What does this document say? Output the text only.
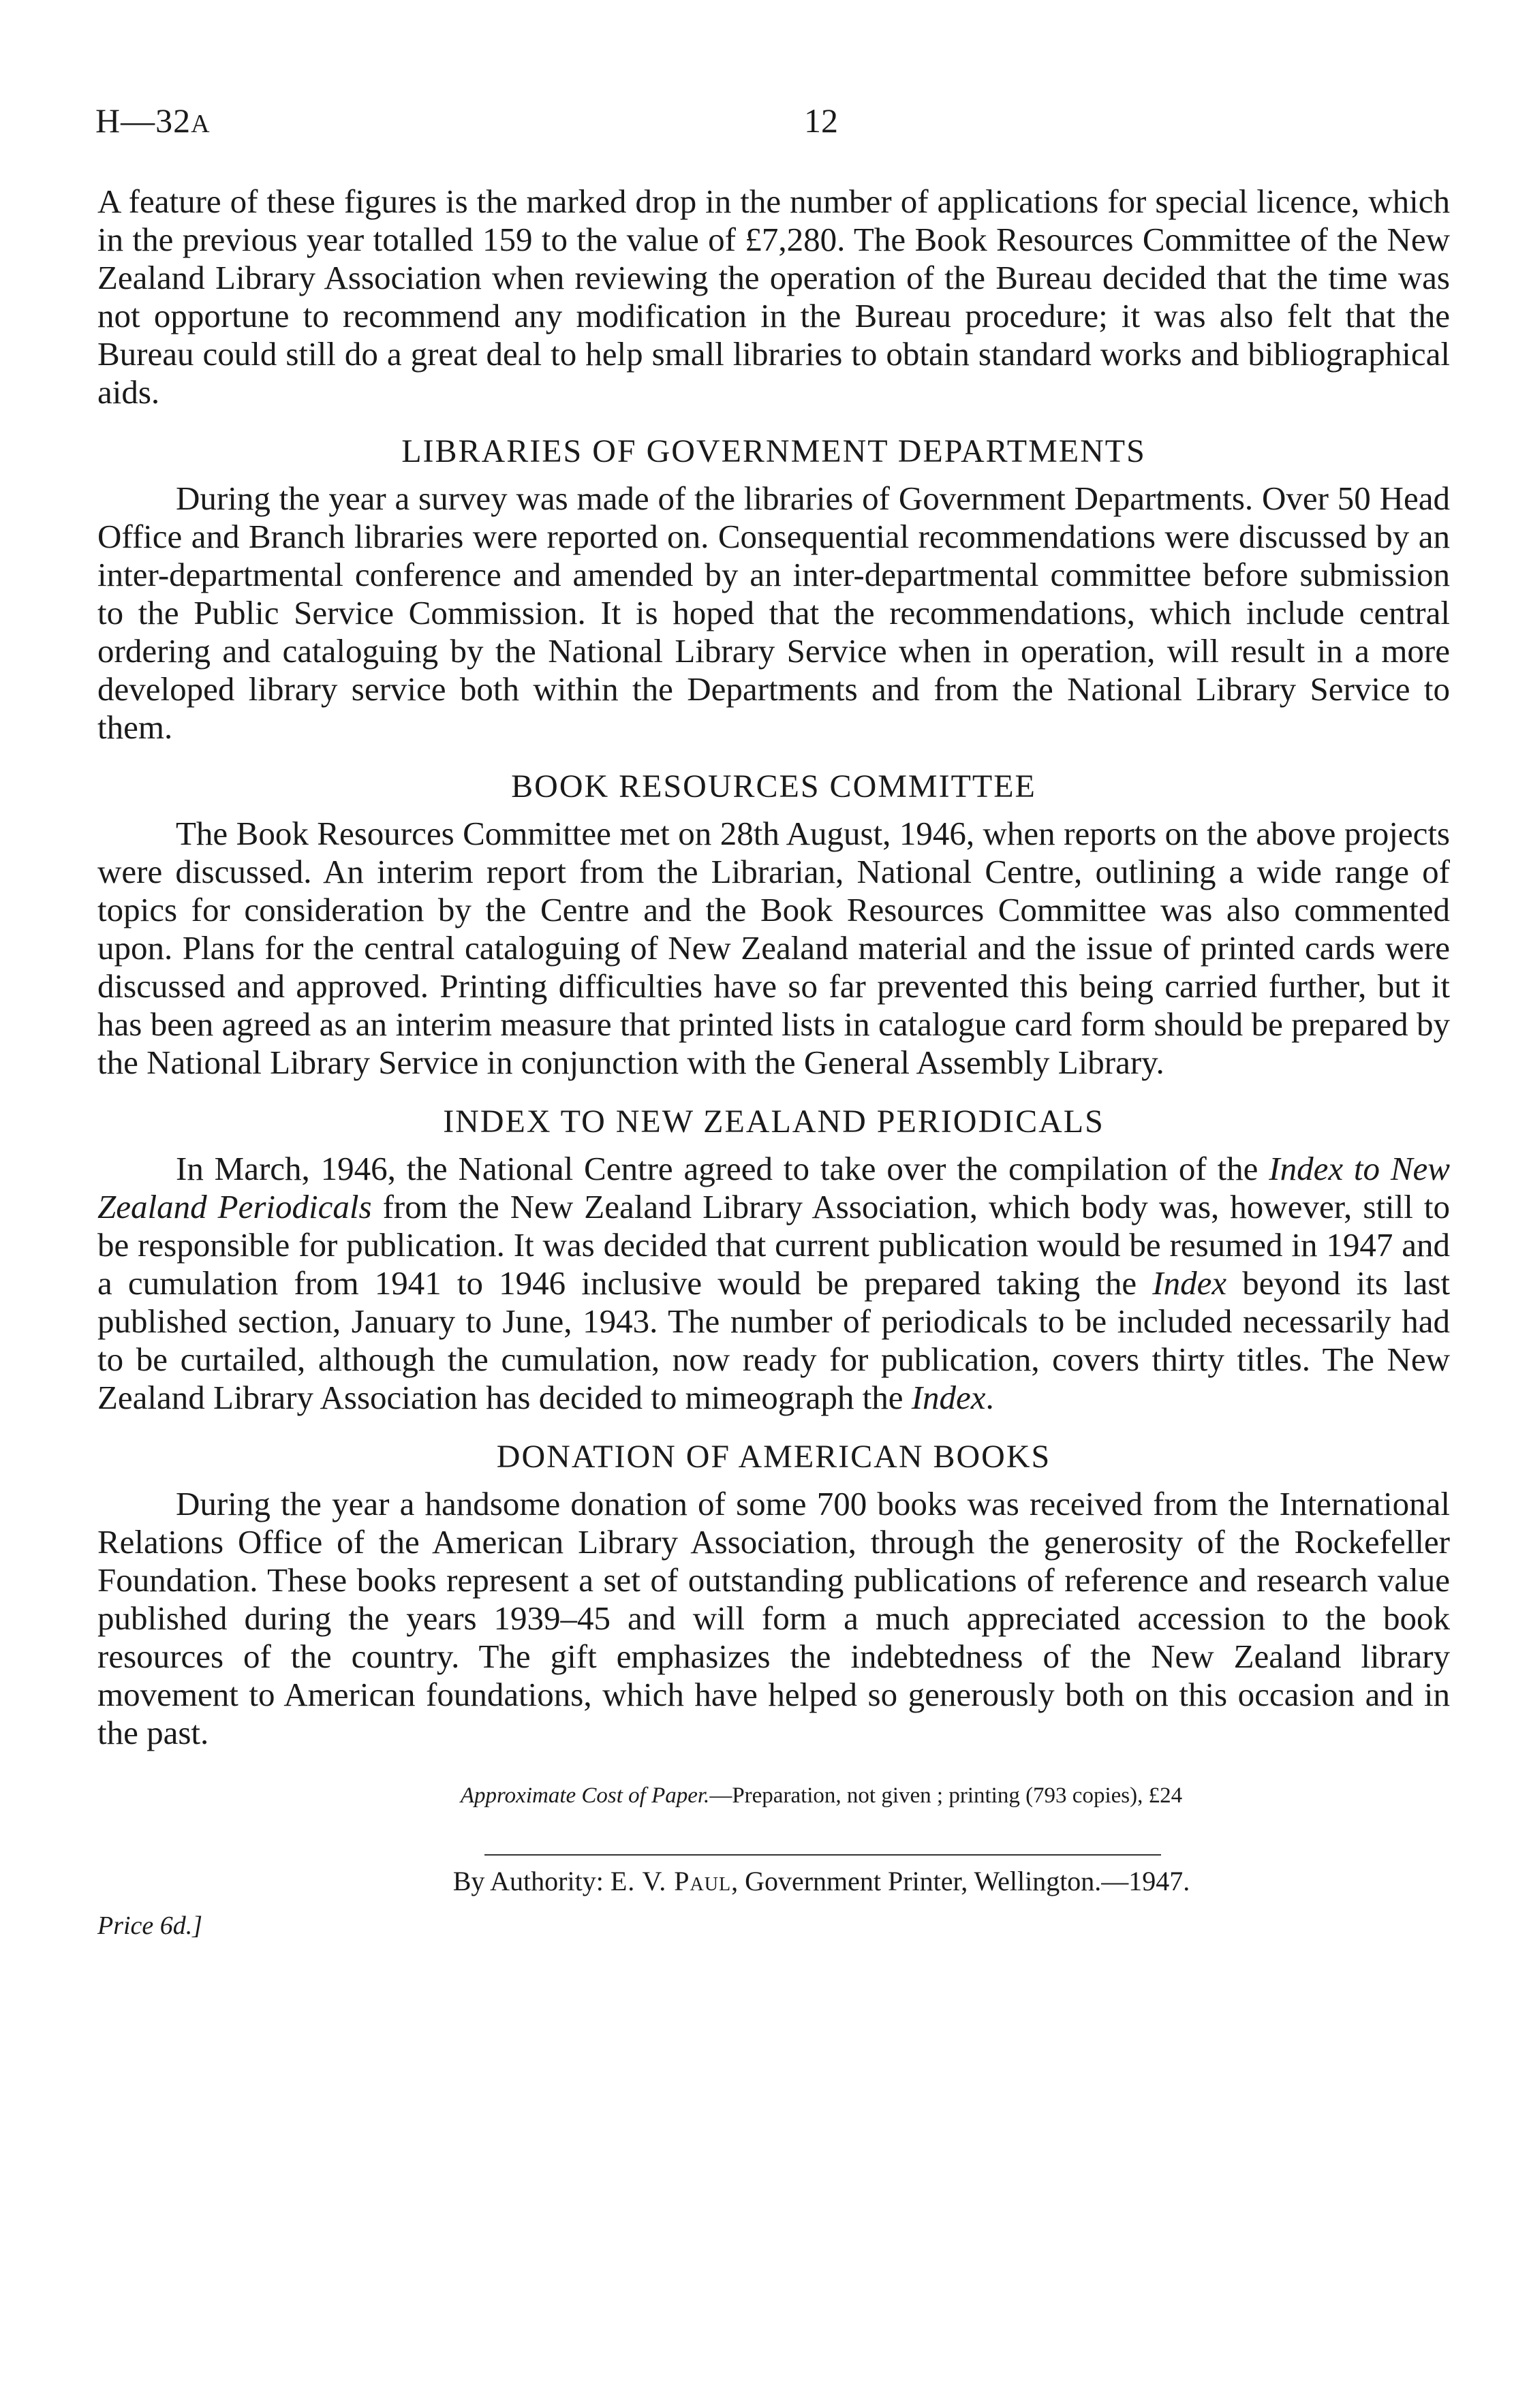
H—32A	12

A feature of these figures is the marked drop in the number of applications for special licence, which in the previous year totalled 159 to the value of £7,280. The Book Resources Committee of the New Zealand Library Association when reviewing the operation of the Bureau decided that the time was not opportune to recommend any modification in the Bureau procedure; it was also felt that the Bureau could still do a great deal to help small libraries to obtain standard works and bibliographical aids.

LIBRARIES OF GOVERNMENT DEPARTMENTS

During the year a survey was made of the libraries of Government Departments. Over 50 Head Office and Branch libraries were reported on. Consequential recommendations were discussed by an inter-departmental conference and amended by an inter-departmental committee before submission to the Public Service Commission. It is hoped that the recommendations, which include central ordering and cataloguing by the National Library Service when in operation, will result in a more developed library service both within the Departments and from the National Library Service to them.

BOOK RESOURCES COMMITTEE

The Book Resources Committee met on 28th August, 1946, when reports on the above projects were discussed. An interim report from the Librarian, National Centre, outlining a wide range of topics for consideration by the Centre and the Book Resources Committee was also commented upon. Plans for the central cataloguing of New Zealand material and the issue of printed cards were discussed and approved. Printing difficulties have so far prevented this being carried further, but it has been agreed as an interim measure that printed lists in catalogue card form should be prepared by the National Library Service in conjunction with the General Assembly Library.

INDEX TO NEW ZEALAND PERIODICALS

In March, 1946, the National Centre agreed to take over the compilation of the Index to New Zealand Periodicals from the New Zealand Library Association, which body was, however, still to be responsible for publication. It was decided that current publication would be resumed in 1947 and a cumulation from 1941 to 1946 inclusive would be prepared taking the Index beyond its last published section, January to June, 1943. The number of periodicals to be included necessarily had to be curtailed, although the cumulation, now ready for publication, covers thirty titles. The New Zealand Library Association has decided to mimeograph the Index.

DONATION OF AMERICAN BOOKS

During the year a handsome donation of some 700 books was received from the International Relations Office of the American Library Association, through the generosity of the Rockefeller Foundation. These books represent a set of outstanding publications of reference and research value published during the years 1939–45 and will form a much appreciated accession to the book resources of the country. The gift emphasizes the indebtedness of the New Zealand library movement to American foundations, which have helped so generously both on this occasion and in the past.

Approximate Cost of Paper.—Preparation, not given ; printing (793 copies), £24
By Authority: E. V. Paul, Government Printer, Wellington.—1947.
Price 6d.]
